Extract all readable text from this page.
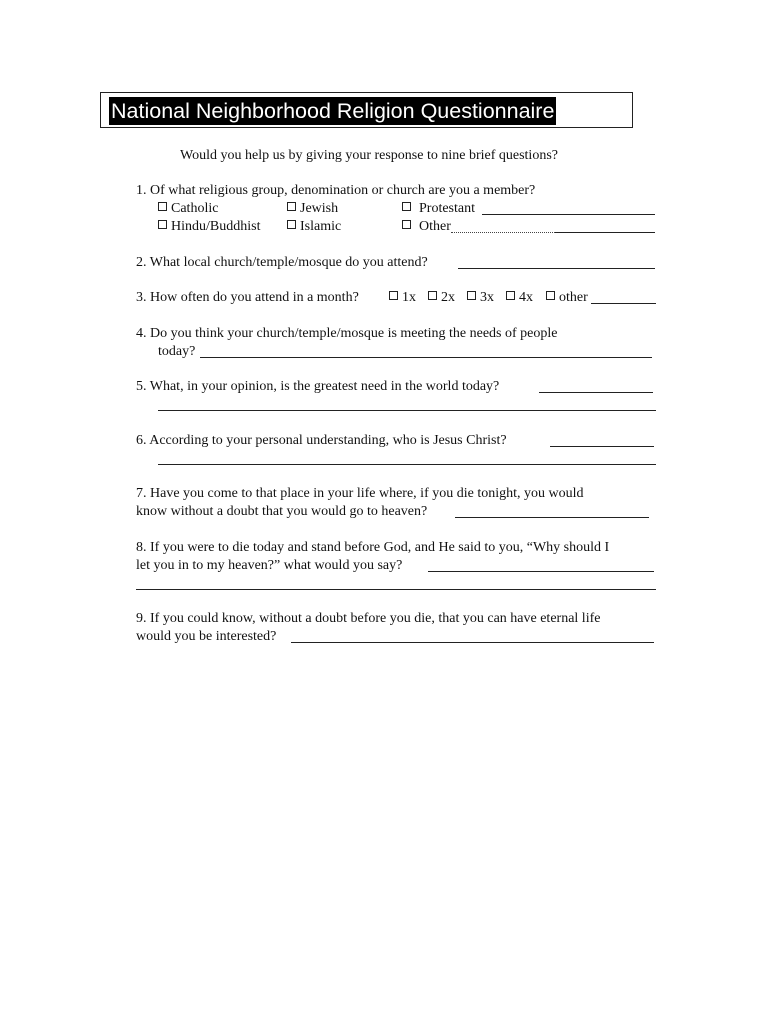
National Neighborhood Religion Questionnaire
Would you help us by giving your response to nine brief questions?
1. Of what religious group, denomination or church are you a member?
Catholic	Jewish	Protestant
Hindu/Buddhist	Islamic	Other
2. What local church/temple/mosque do you attend?
3. How often do you attend in a month?	1x	2x	3x	4x	other
4. Do you think your church/temple/mosque is meeting the needs of people
today?
5. What, in your opinion, is the greatest need in the world today?
6. According to your personal understanding, who is Jesus Christ?
7. Have you come to that place in your life where, if you die tonight, you would
know without a doubt that you would go to heaven?
8. If you were to die today and stand before God, and He said to you, “Why should I
let you in to my heaven?” what would you say?
9. If you could know, without a doubt before you die, that you can have eternal life
would you be interested?
